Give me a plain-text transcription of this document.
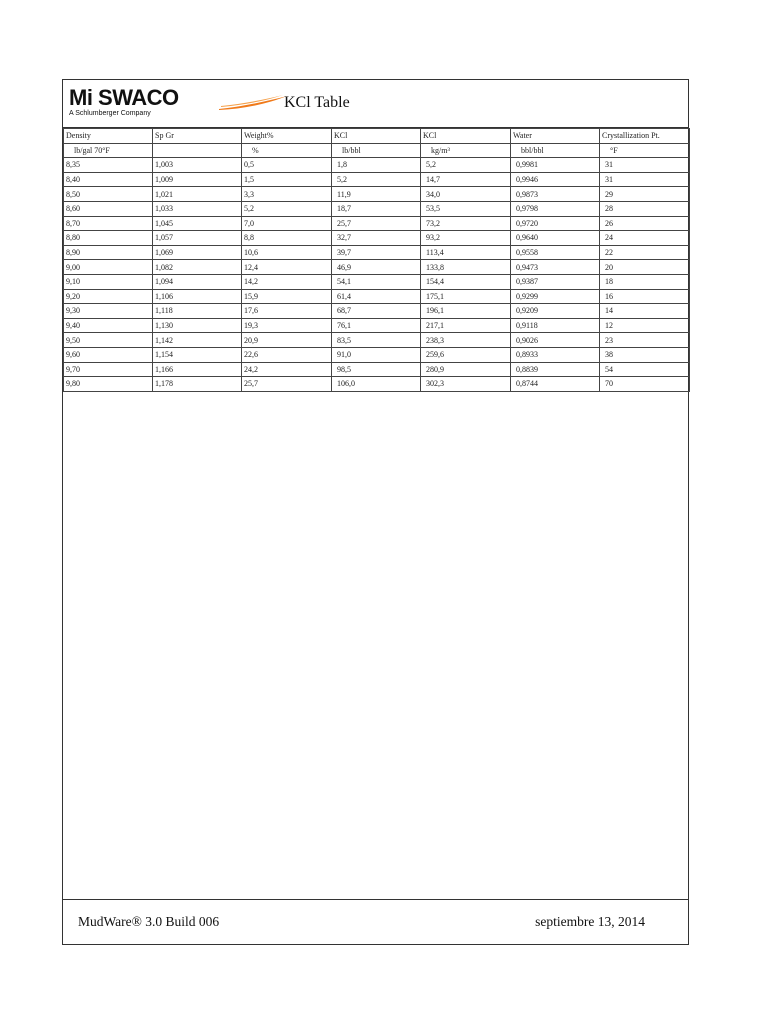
Mi SWACO
A Schlumberger Company
KCl Table
Density	Sp Gr	Weight%	KCl	KCl	Water	Crystallization Pt.
lb/gal 70°F		%	lb/bbl	kg/m³	bbl/bbl	°F
8,35	1,003	0,5	1,8	5,2	0,9981	31
8,40	1,009	1,5	5,2	14,7	0,9946	31
8,50	1,021	3,3	11,9	34,0	0,9873	29
8,60	1,033	5,2	18,7	53,5	0,9798	28
8,70	1,045	7,0	25,7	73,2	0,9720	26
8,80	1,057	8,8	32,7	93,2	0,9640	24
8,90	1,069	10,6	39,7	113,4	0,9558	22
9,00	1,082	12,4	46,9	133,8	0,9473	20
9,10	1,094	14,2	54,1	154,4	0,9387	18
9,20	1,106	15,9	61,4	175,1	0,9299	16
9,30	1,118	17,6	68,7	196,1	0,9209	14
9,40	1,130	19,3	76,1	217,1	0,9118	12
9,50	1,142	20,9	83,5	238,3	0,9026	23
9,60	1,154	22,6	91,0	259,6	0,8933	38
9,70	1,166	24,2	98,5	280,9	0,8839	54
9,80	1,178	25,7	106,0	302,3	0,8744	70
MudWare® 3.0 Build 006	septiembre 13, 2014
